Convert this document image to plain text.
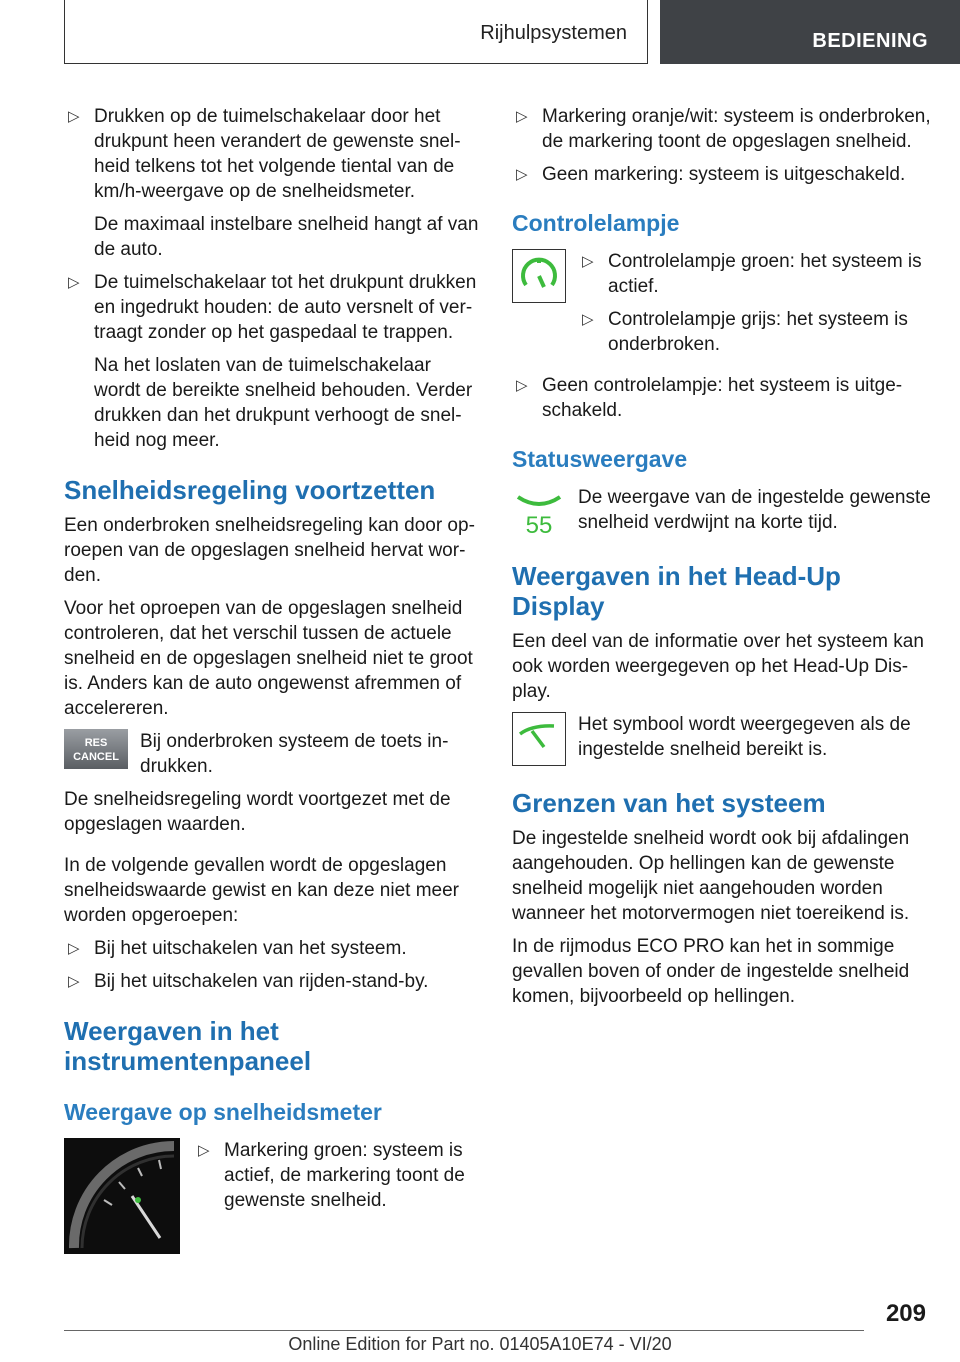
Rijhulpsystemen	BEDIENING
▷ Drukken op de tuimelschakelaar door het drukpunt heen verandert de gewenste snelheid telkens tot het volgende tiental van de km/h-weergave op de snelheidsmeter.

De maximaal instelbare snelheid hangt af van de auto.

▷ De tuimelschakelaar tot het drukpunt drukken en ingedrukt houden: de auto versnelt of vertraagt zonder op het gaspedaal te trappen.

Na het loslaten van de tuimelschakelaar wordt de bereikte snelheid behouden. Verder drukken dan het drukpunt verhoogt de snelheid nog meer.

Snelheidsregeling voortzetten

Een onderbroken snelheidsregeling kan door oproepen van de opgeslagen snelheid hervat worden.

Voor het oproepen van de opgeslagen snelheid controleren, dat het verschil tussen de actuele snelheid en de opgeslagen snelheid niet te groot is. Anders kan de auto ongewenst afremmen of accelereren.

RES
CANCEL
Bij onderbroken systeem de toets indrukken.

De snelheidsregeling wordt voortgezet met de opgeslagen waarden.

In de volgende gevallen wordt de opgeslagen snelheidswaarde gewist en kan deze niet meer worden opgeroepen:

▷ Bij het uitschakelen van het systeem.

▷ Bij het uitschakelen van rijden-stand-by.

Weergaven in het instrumentenpaneel
Weergave op snelheidsmeter
▷ Markering groen: systeem is actief, de markering toont de gewenste snelheid.

▷ Markering oranje/wit: systeem is onderbroken, de markering toont de opgeslagen snelheid.

▷ Geen markering: systeem is uitgeschakeld.

Controlelampje
▷ Controlelampje groen: het systeem is actief.

▷ Controlelampje grijs: het systeem is onderbroken.

▷ Geen controlelampje: het systeem is uitgeschakeld.

Statusweergave
55
De weergave van de ingestelde gewenste snelheid verdwijnt na korte tijd.
Weergaven in het Head-Up Display

Een deel van de informatie over het systeem kan ook worden weergegeven op het Head-Up Display.

Het symbool wordt weergegeven als de ingestelde snelheid bereikt is.
Grenzen van het systeem

De ingestelde snelheid wordt ook bij afdalingen aangehouden. Op hellingen kan de gewenste snelheid mogelijk niet aangehouden worden wanneer het motorvermogen niet toereikend is.

In de rijmodus ECO PRO kan het in sommige gevallen boven of onder de ingestelde snelheid komen, bijvoorbeeld op hellingen.

209
Online Edition for Part no. 01405A10E74 - VI/20
